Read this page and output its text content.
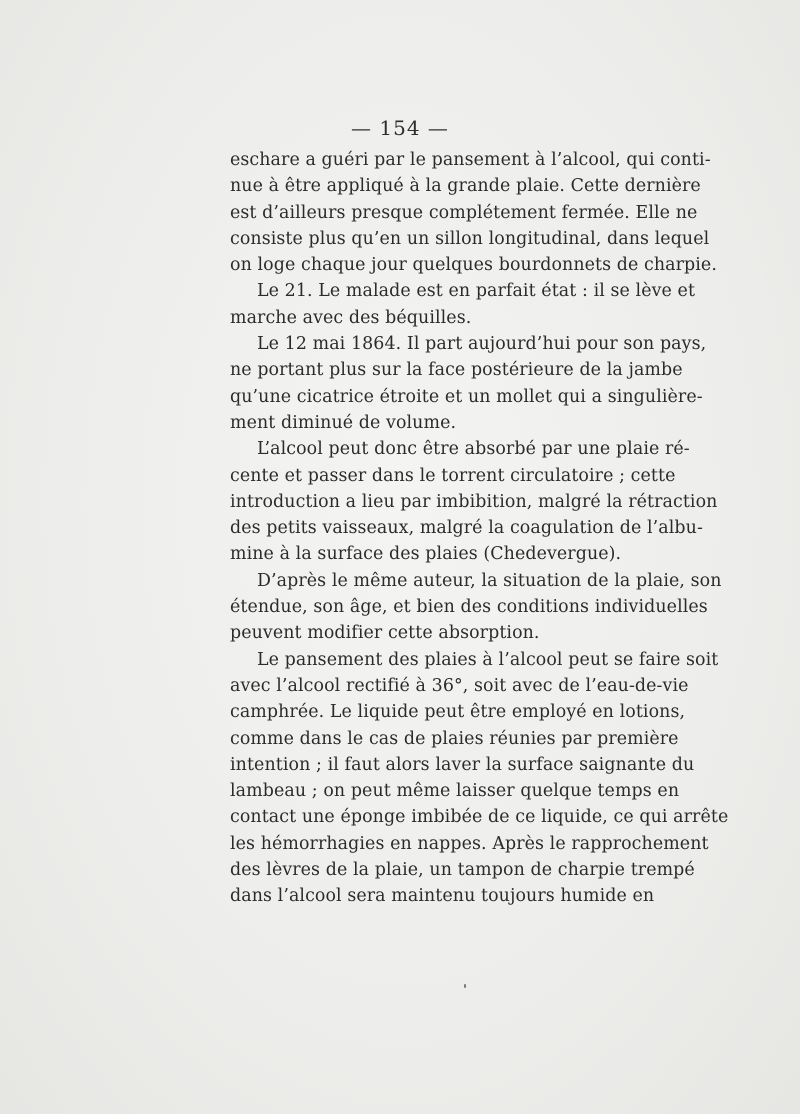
— 154 —
eschare a guéri par le pansement à l’alcool, qui conti-
nue à être appliqué à la grande plaie. Cette dernière
est d’ailleurs presque complétement fermée. Elle ne
consiste plus qu’en un sillon longitudinal, dans lequel
on loge chaque jour quelques bourdonnets de charpie.
Le 21. Le malade est en parfait état : il se lève et
marche avec des béquilles.
Le 12 mai 1864. Il part aujourd’hui pour son pays,
ne portant plus sur la face postérieure de la jambe
qu’une cicatrice étroite et un mollet qui a singulière-
ment diminué de volume.
L’alcool peut donc être absorbé par une plaie ré-
cente et passer dans le torrent circulatoire ; cette
introduction a lieu par imbibition, malgré la rétraction
des petits vaisseaux, malgré la coagulation de l’albu-
mine à la surface des plaies (Chedevergue).
D’après le même auteur, la situation de la plaie, son
étendue, son âge, et bien des conditions individuelles
peuvent modifier cette absorption.
Le pansement des plaies à l’alcool peut se faire soit
avec l’alcool rectifié à 36°, soit avec de l’eau-de-vie
camphrée. Le liquide peut être employé en lotions,
comme dans le cas de plaies réunies par première
intention ; il faut alors laver la surface saignante du
lambeau ; on peut même laisser quelque temps en
contact une éponge imbibée de ce liquide, ce qui arrête
les hémorrhagies en nappes. Après le rapprochement
des lèvres de la plaie, un tampon de charpie trempé
dans l’alcool sera maintenu toujours humide en
